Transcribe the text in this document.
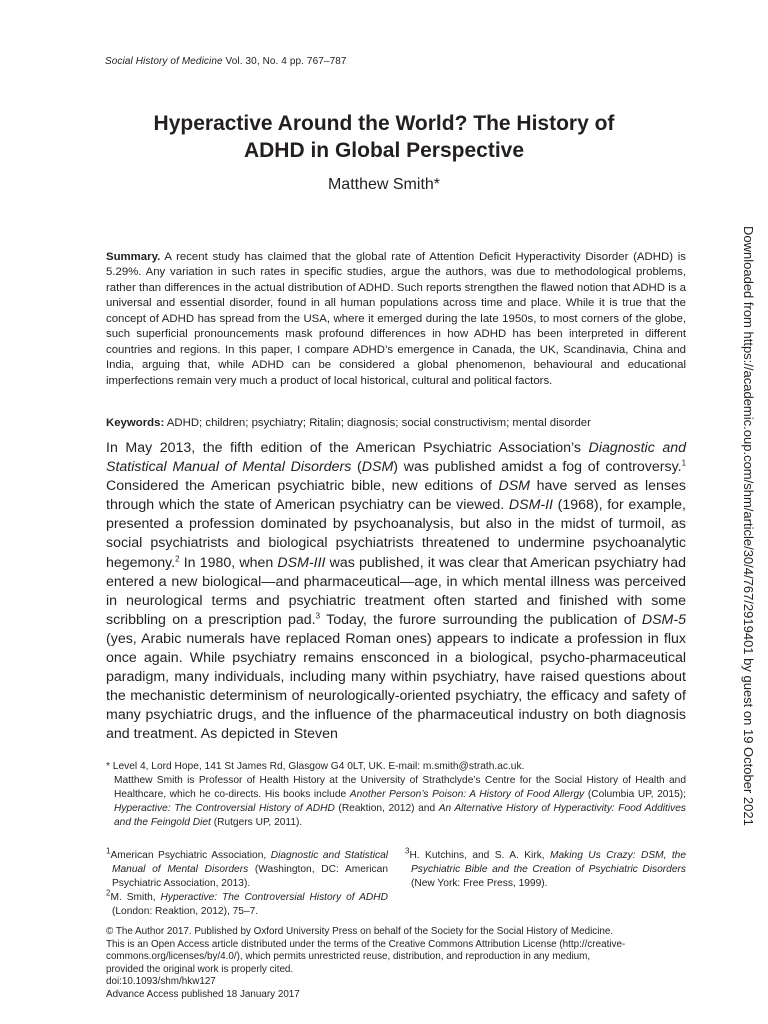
Social History of Medicine Vol. 30, No. 4 pp. 767–787
Hyperactive Around the World? The History of
ADHD in Global Perspective
Matthew Smith*
Summary. A recent study has claimed that the global rate of Attention Deficit Hyperactivity Disorder (ADHD) is 5.29%. Any variation in such rates in specific studies, argue the authors, was due to methodological problems, rather than differences in the actual distribution of ADHD. Such reports strengthen the flawed notion that ADHD is a universal and essential disorder, found in all human populations across time and place. While it is true that the concept of ADHD has spread from the USA, where it emerged during the late 1950s, to most corners of the globe, such superficial pronouncements mask profound differences in how ADHD has been interpreted in different countries and regions. In this paper, I compare ADHD’s emergence in Canada, the UK, Scandinavia, China and India, arguing that, while ADHD can be considered a global phenomenon, behavioural and educational imperfections remain very much a product of local historical, cultural and political factors.
Keywords: ADHD; children; psychiatry; Ritalin; diagnosis; social constructivism; mental disorder
In May 2013, the fifth edition of the American Psychiatric Association’s Diagnostic and Statistical Manual of Mental Disorders (DSM) was published amidst a fog of controversy.$^1$ Considered the American psychiatric bible, new editions of DSM have served as lenses through which the state of American psychiatry can be viewed. DSM-II (1968), for example, presented a profession dominated by psychoanalysis, but also in the midst of turmoil, as social psychiatrists and biological psychiatrists threatened to undermine psychoanalytic hegemony.$^2$ In 1980, when DSM-III was published, it was clear that American psychiatry had entered a new biological—and pharmaceutical—age, in which mental illness was perceived in neurological terms and psychiatric treatment often started and finished with some scribbling on a prescription pad.$^3$ Today, the furore surrounding the publication of DSM-5 (yes, Arabic numerals have replaced Roman ones) appears to indicate a profession in flux once again. While psychiatry remains ensconced in a biological, psycho-pharmaceutical paradigm, many individuals, including many within psychiatry, have raised questions about the mechanistic determinism of neurologically-oriented psychiatry, the efficacy and safety of many psychiatric drugs, and the influence of the pharmaceutical industry on both diagnosis and treatment. As depicted in Steven
* Level 4, Lord Hope, 141 St James Rd, Glasgow G4 0LT, UK. E-mail: m.smith@strath.ac.uk.
Matthew Smith is Professor of Health History at the University of Strathclyde’s Centre for the Social History of Health and Healthcare, which he co-directs. His books include Another Person’s Poison: A History of Food Allergy (Columbia UP, 2015); Hyperactive: The Controversial History of ADHD (Reaktion, 2012) and An Alternative History of Hyperactivity: Food Additives and the Feingold Diet (Rutgers UP, 2011).
$^1$American Psychiatric Association, Diagnostic and Statistical Manual of Mental Disorders (Washington, DC: American Psychiatric Association, 2013).
$^2$M. Smith, Hyperactive: The Controversial History of ADHD (London: Reaktion, 2012), 75–7.
$^3$H. Kutchins, and S. A. Kirk, Making Us Crazy: DSM, the Psychiatric Bible and the Creation of Psychiatric Disorders (New York: Free Press, 1999).
© The Author 2017. Published by Oxford University Press on behalf of the Society for the Social History of Medicine.
This is an Open Access article distributed under the terms of the Creative Commons Attribution License (http://creative-
commons.org/licenses/by/4.0/), which permits unrestricted reuse, distribution, and reproduction in any medium,
provided the original work is properly cited.
doi:10.1093/shm/hkw127
Advance Access published 18 January 2017
Downloaded from https://academic.oup.com/shm/article/30/4/767/2919401 by guest on 19 October 2021
